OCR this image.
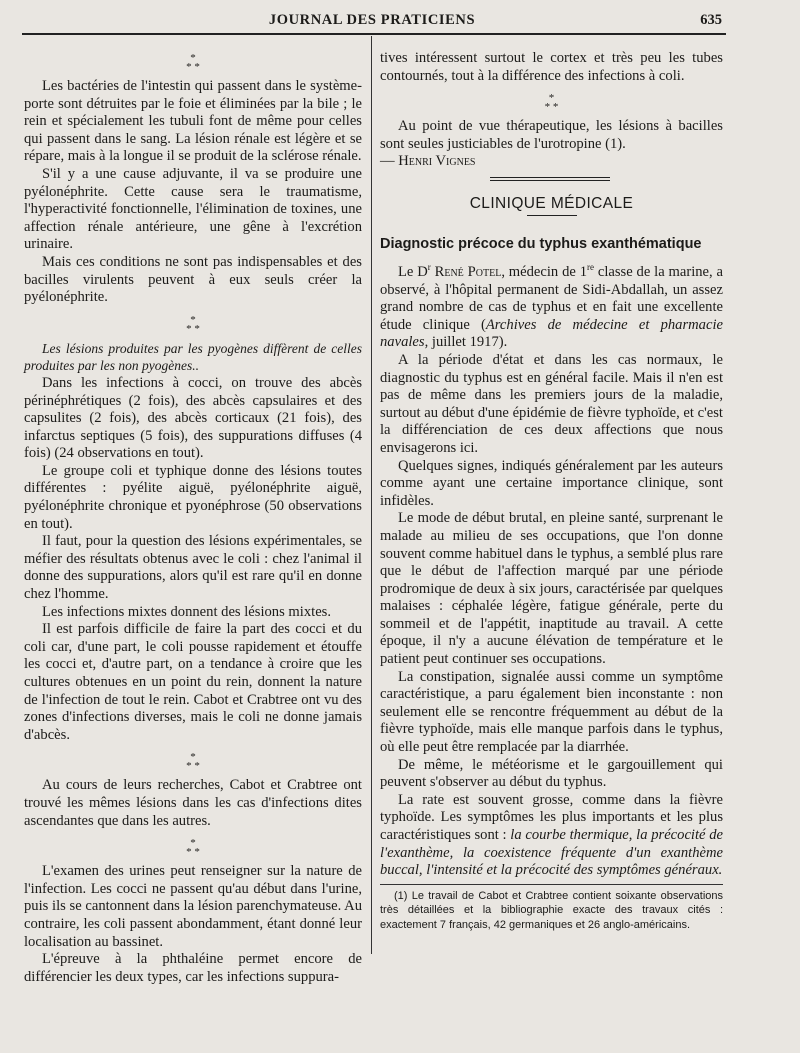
JOURNAL DES PRATICIENS	635
*
* *

Les bactéries de l'intestin qui passent dans le système-porte sont détruites par le foie et éliminées par la bile ; le rein et spécialement les tubuli font de même pour celles qui passent dans le sang. La lésion rénale est légère et se répare, mais à la longue il se produit de la sclérose rénale.

S'il y a une cause adjuvante, il va se produire une pyélonéphrite. Cette cause sera le traumatisme, l'hyperactivité fonctionnelle, l'élimination de toxines, une affection rénale antérieure, une gêne à l'excrétion urinaire.

Mais ces conditions ne sont pas indispensables et des bacilles virulents peuvent à eux seuls créer la pyélonéphrite.

*
* *

Les lésions produites par les pyogènes diffèrent de celles produites par les non pyogènes..

Dans les infections à cocci, on trouve des abcès périnéphrétiques (2 fois), des abcès capsulaires et des capsulites (2 fois), des abcès corticaux (21 fois), des infarctus septiques (5 fois), des suppurations diffuses (4 fois) (24 observations en tout).

Le groupe coli et typhique donne des lésions toutes différentes : pyélite aiguë, pyélonéphrite aiguë, pyélonéphrite chronique et pyonéphrose (50 observations en tout).

Il faut, pour la question des lésions expérimentales, se méfier des résultats obtenus avec le coli : chez l'animal il donne des suppurations, alors qu'il est rare qu'il en donne chez l'homme.

Les infections mixtes donnent des lésions mixtes.

Il est parfois difficile de faire la part des cocci et du coli car, d'une part, le coli pousse rapidement et étouffe les cocci et, d'autre part, on a tendance à croire que les cultures obtenues en un point du rein, donnent la nature de l'infection de tout le rein. Cabot et Crabtree ont vu des zones d'infections diverses, mais le coli ne donne jamais d'abcès.

*
* *

Au cours de leurs recherches, Cabot et Crabtree ont trouvé les mêmes lésions dans les cas d'infections dites ascendantes que dans les autres.

*
* *

L'examen des urines peut renseigner sur la nature de l'infection. Les cocci ne passent qu'au début dans l'urine, puis ils se cantonnent dans la lésion parenchymateuse. Au contraire, les coli passent abondamment, étant donné leur localisation au bassinet.

L'épreuve à la phthaléine permet encore de différencier les deux types, car les infections suppura-

tives intéressent surtout le cortex et très peu les tubes contournés, tout à la différence des infections à coli.

*
* *

Au point de vue thérapeutique, les lésions à bacilles sont seules justiciables de l'urotropine (1).

— Henri Vignes

CLINIQUE MÉDICALE
Diagnostic précoce du typhus exanthématique

Le $D^r$ René Potel, médecin de 1re classe de la marine, a observé, à l'hôpital permanent de Sidi-Abdallah, un assez grand nombre de cas de typhus et en fait une excellente étude clinique (Archives de médecine et pharmacie navales, juillet 1917).

A la période d'état et dans les cas normaux, le diagnostic du typhus est en général facile. Mais il n'en est pas de même dans les premiers jours de la maladie, surtout au début d'une épidémie de fièvre typhoïde, et c'est la différenciation de ces deux affections que nous envisagerons ici.

Quelques signes, indiqués généralement par les auteurs comme ayant une certaine importance clinique, sont infidèles.

Le mode de début brutal, en pleine santé, surprenant le malade au milieu de ses occupations, que l'on donne souvent comme habituel dans le typhus, a semblé plus rare que le début de l'affection marqué par une période prodromique de deux à six jours, caractérisée par quelques malaises : céphalée légère, fatigue générale, perte du sommeil et de l'appétit, inaptitude au travail. A cette époque, il n'y a aucune élévation de température et le patient peut continuer ses occupations.

La constipation, signalée aussi comme un symptôme caractéristique, a paru également bien inconstante : non seulement elle se rencontre fréquemment au début de la fièvre typhoïde, mais elle manque parfois dans le typhus, où elle peut être remplacée par la diarrhée.

De même, le météorisme et le gargouillement qui peuvent s'observer au début du typhus.

La rate est souvent grosse, comme dans la fièvre typhoïde. Les symptômes les plus importants et les plus caractéristiques sont : la courbe thermique, la précocité de l'exanthème, la coexistence fréquente d'un exanthème buccal, l'intensité et la précocité des symptômes généraux.

(1) Le travail de Cabot et Crabtree contient soixante observations très détaillées et la bibliographie exacte des travaux cités : exactement 7 français, 42 germaniques et 26 anglo-américains.
